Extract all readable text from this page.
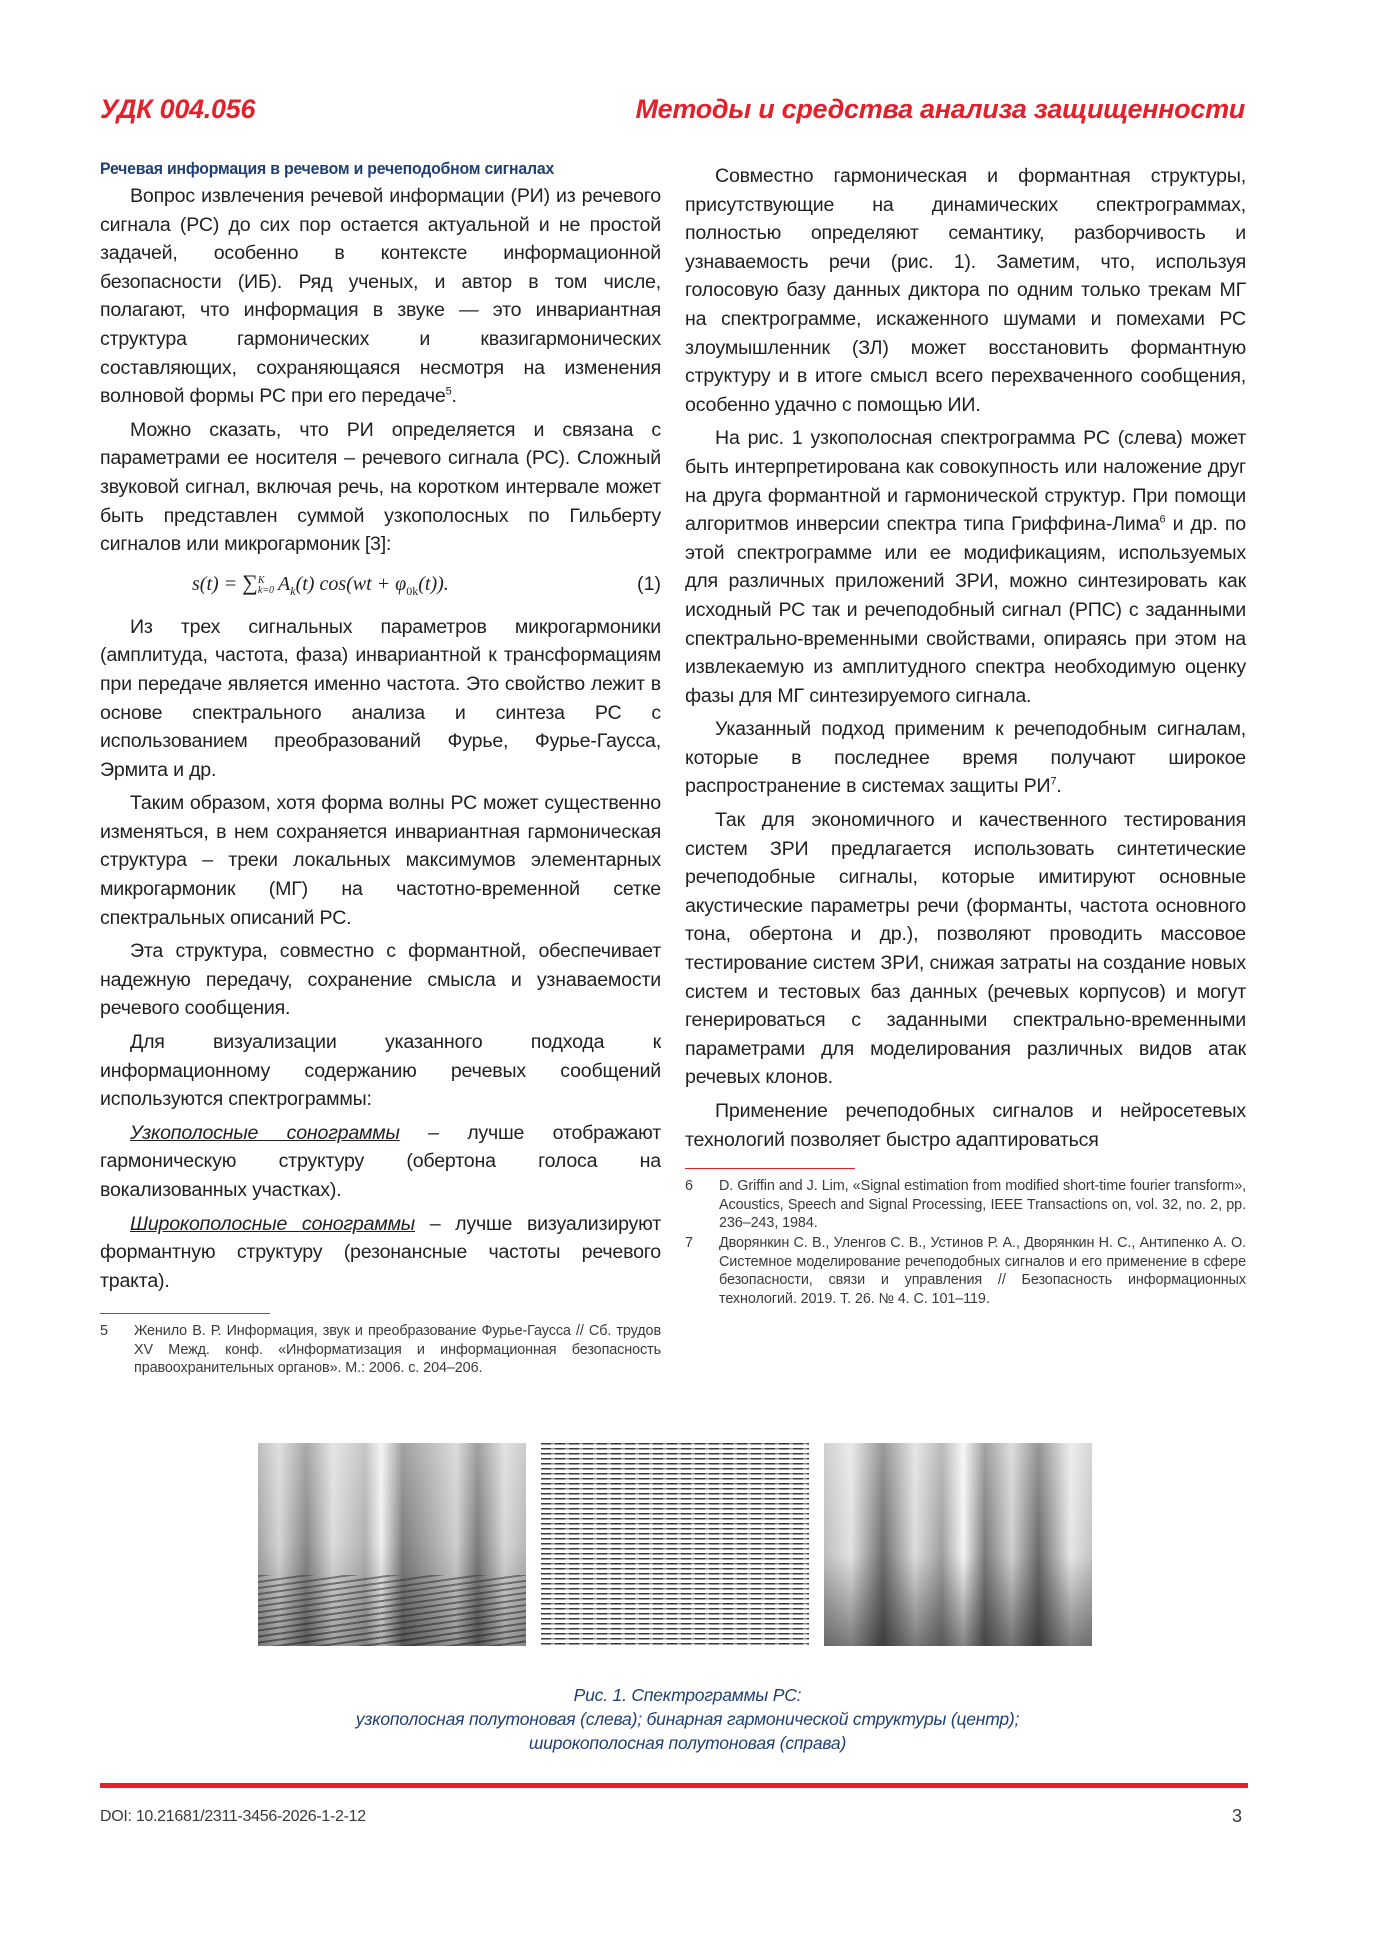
УДК 004.056	Методы и средства анализа защищенности
Речевая информация в речевом и речеподобном сигналах

Вопрос извлечения речевой информации (РИ) из речевого сигнала (РС) до сих пор остается актуальной и не простой задачей, особенно в контексте информационной безопасности (ИБ). Ряд ученых, и автор в том числе, полагают, что информация в звуке — это инвариантная структура гармонических и квазигармонических составляющих, сохраняющаяся несмотря на изменения волновой формы РС при его передаче$^5$.

Можно сказать, что РИ определяется и связана с параметрами ее носителя – речевого сигнала (РС). Сложный звуковой сигнал, включая речь, на коротком интервале может быть представлен суммой узкополосных по Гильберту сигналов или микрогармоник [3]:

s(t) = ∑ K
k=0 $A_k(t) \cos(wt + \varphi_{0k}(t))$.	(1)

Из трех сигнальных параметров микрогармоники (амплитуда, частота, фаза) инвариантной к трансформациям при передаче является именно частота. Это свойство лежит в основе спектрального анализа и синтеза РС с использованием преобразований Фурье, Фурье-Гаусса, Эрмита и др.

Таким образом, хотя форма волны РС может существенно изменяться, в нем сохраняется инвариантная гармоническая структура – треки локальных максимумов элементарных микрогармоник (МГ) на частотно-временной сетке спектральных описаний РС.

Эта структура, совместно с формантной, обеспечивает надежную передачу, сохранение смысла и узнаваемости речевого сообщения.

Для визуализации указанного подхода к информационному содержанию речевых сообщений используются спектрограммы:

Узкополосные сонограммы – лучше отображают гармоническую структуру (обертона голоса на вокализованных участках).

Широкополосные сонограммы – лучше визуализируют формантную структуру (резонансные частоты речевого тракта).

5	Женило В. Р. Информация, звук и преобразование Фурье-Гаусса // Сб. трудов XV Межд. конф. «Информатизация и информационная безопасность правоохранительных органов». М.: 2006. с. 204–206.

Совместно гармоническая и формантная структуры, присутствующие на динамических спектрограммах, полностью определяют семантику, разборчивость и узнаваемость речи (рис. 1). Заметим, что, используя голосовую базу данных диктора по одним только трекам МГ на спектрограмме, искаженного шумами и помехами РС злоумышленник (ЗЛ) может восстановить формантную структуру и в итоге смысл всего перехваченного сообщения, особенно удачно с помощью ИИ.

На рис. 1 узкополосная спектрограмма РС (слева) может быть интерпретирована как совокупность или наложение друг на друга формантной и гармонической структур. При помощи алгоритмов инверсии спектра типа Гриффина-Лима$^6$ и др. по этой спектрограмме или ее модификациям, используемых для различных приложений ЗРИ, можно синтезировать как исходный РС так и речеподобный сигнал (РПС) с заданными спектрально-временными свойствами, опираясь при этом на извлекаемую из амплитудного спектра необходимую оценку фазы для МГ синтезируемого сигнала.

Указанный подход применим к речеподобным сигналам, которые в последнее время получают широкое распространение в системах защиты $РИ^7$.

Так для экономичного и качественного тестирования систем ЗРИ предлагается использовать синтетические речеподобные сигналы, которые имитируют основные акустические параметры речи (форманты, частота основного тона, обертона и др.), позволяют проводить массовое тестирование систем ЗРИ, снижая затраты на создание новых систем и тестовых баз данных (речевых корпусов) и могут генерироваться с заданными спектрально-временными параметрами для моделирования различных видов атак речевых клонов.

Применение речеподобных сигналов и нейросетевых технологий позволяет быстро адаптироваться

6	D. Griffin and J. Lim, «Signal estimation from modified short-time fourier transform», Acoustics, Speech and Signal Processing, IEEE Transactions on, vol. 32, no. 2, pp. 236–243, 1984.
7	Дворянкин С. В., Уленгов С. В., Устинов Р. А., Дворянкин Н. С., Антипенко А. О. Системное моделирование речеподобных сигналов и его применение в сфере безопасности, связи и управления // Безопасность информационных технологий. 2019. Т. 26. № 4. С. 101–119.
Рис. 1. Спектрограммы РС:
узкополосная полутоновая (слева); бинарная гармонической структуры (центр);
широкополосная полутоновая (справа)
DOI: 10.21681/2311-3456-2026-1-2-12	3
